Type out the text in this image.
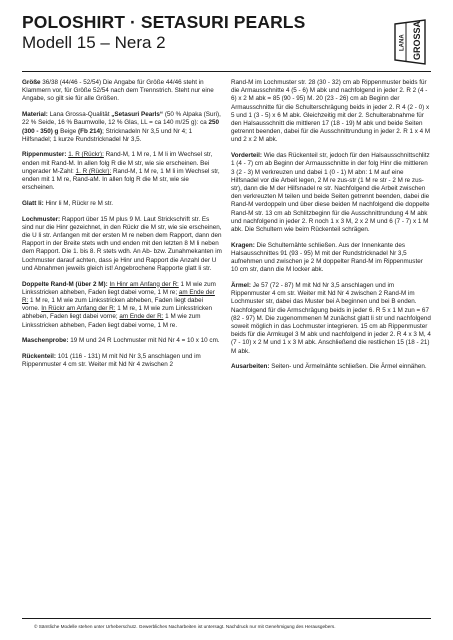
POLOSHIRT · SETASURI PEARLS
Modell 15 – Nera 2	LANA GROSSA

Größe 36/38 (44/46 - 52/54) Die Angabe für Größe 44/46 steht in Klammern vor, für Größe 52/54 nach dem Trennstrich. Steht nur eine Angabe, so gilt sie für alle Größen.

Material: Lana Grossa-Qualität „Setasuri Pearls“ (50 % Alpaka (Suri), 22 % Seide, 16 % Baumwolle, 12 % Glas, LL = ca 140 m/25 g): ca 250 (300 - 350) g Beige (Fb 214); Stricknadeln Nr 3,5 und Nr 4; 1 Hilfsnadel; 1 kurze Rundstricknadel Nr 3,5.

Rippenmuster: 1. R (Rückr): Rand-M, 1 M re, 1 M li im Wechsel str, enden mit Rand-M. In allen folg R die M str, wie sie erscheinen. Bei ungerader M-Zahl: 1. R (Rückr): Rand-M, 1 M re, 1 M li im Wechsel str, enden mit 1 M re, Rand-aM. In allen folg R die M str, wie sie erscheinen.

Glatt li: Hinr li M, Rückr re M str.

Lochmuster: Rapport über 15 M plus 9 M. Laut Strickschrift str. Es sind nur die Hinr gezeichnet, in den Rückr die M str, wie sie erscheinen, die U li str. Anfangen mit der ersten M re neben dem Rapport, dann den Rapport in der Breite stets wdh und enden mit den letzten 8 M li neben dem Rapport. Die 1. bis 8. R stets wdh. An Ab- bzw. Zunahmekanten im Lochmuster darauf achten, dass je Hinr und Rapport die Anzahl der U und Abnahmen jeweils gleich ist! Angebrochene Rapporte glatt li str.

Doppelte Rand-M (über 2 M): In Hinr am Anfang der R: 1 M wie zum Linksstricken abheben, Faden liegt dabei vorne, 1 M re; am Ende der R: 1 M re, 1 M wie zum Linksstricken abheben, Faden liegt dabei vorne. In Rückr am Anfang der R: 1 M re, 1 M wie zum Linksstricken abheben, Faden liegt dabei vorne; am Ende der R: 1 M wie zum Linksstricken abheben, Faden liegt dabei vorne, 1 M re.

Maschenprobe: 19 M und 24 R Lochmuster mit Nd Nr 4 = 10 x 10 cm.

Rückenteil: 101 (116 - 131) M mit Nd Nr 3,5 anschlagen und im Rippenmuster 4 cm str. Weiter mit Nd Nr 4 zwischen 2

Rand-M im Lochmuster str. 28 (30 - 32) cm ab Rippenmuster beids für die Armausschnitte 4 (5 - 6) M abk und nachfolgend in jeder 2. R 2 (4 - 6) x 2 M abk = 85 (90 - 95) M. 20 (23 - 26) cm ab Beginn der Armausschnitte für die Schulterschrägung beids in jeder 2. R 4 (2 - 0) x 5 und 1 (3 - 5) x 6 M abk. Gleichzeitig mit der 2. Schulterabnahme für den Halsausschnitt die mittleren 17 (18 - 19) M abk und beide Seiten getrennt beenden, dabei für die Ausschnittrundung in jeder 2. R 1 x 4 M und 2 x 2 M abk.

Vorderteil: Wie das Rückenteil str, jedoch für den Halsausschnittschlitz 1 (4 - 7) cm ab Beginn der Armausschnitte in der folg Hinr die mittleren 3 (2 - 3) M verkreuzen und dabei 1 (0 - 1) M abn: 1 M auf eine Hilfsnadel vor die Arbeit legen, 2 M re zus-str (1 M re str - 2 M re zus-str), dann die M der Hilfsnadel re str. Nachfolgend die Arbeit zwischen den verkreuzten M teilen und beide Seiten getrennt beenden, dabei die Rand-M verdoppeln und über diese beiden M nachfolgend die doppelte Rand-M str. 13 cm ab Schlitzbeginn für die Ausschnittrundung 4 M abk und nachfolgend in jeder 2. R noch 1 x 3 M, 2 x 2 M und 6 (7 - 7) x 1 M abk. Die Schultern wie beim Rückenteil schrägen.

Kragen: Die Schulternähte schließen. Aus der Innenkante des Halsausschnittes 91 (93 - 95) M mit der Rundstricknadel Nr 3,5 aufnehmen und zwischen je 2 M doppelter Rand-M im Rippenmuster 10 cm str, dann die M locker abk.

Ärmel: Je 57 (72 - 87) M mit Nd Nr 3,5 anschlagen und im Rippenmuster 4 cm str. Weiter mit Nd Nr 4 zwischen 2 Rand-M im Lochmuster str, dabei das Muster bei A beginnen und bei B enden. Nachfolgend für die Armschrägung beids in jeder 6. R 5 x 1 M zun = 67 (82 - 97) M. Die zugenommenen M zunächst glatt li str und nachfolgend soweit möglich in das Lochmuster integrieren. 15 cm ab Rippenmuster beids für die Armkugel 3 M abk und nachfolgend in jeder 2. R 4 x 3 M, 4 (7 - 10) x 2 M und 1 x 3 M abk. Anschließend die restlichen 15 (18 - 21) M abk.

Ausarbeiten: Seiten- und Ärmelnähte schließen. Die Ärmel einnähen.

© Sämtliche Modelle stehen unter Urheberschutz. Gewerbliches Nacharbeiten ist untersagt. Nachdruck nur mit Genehmigung des Herausgebers.
